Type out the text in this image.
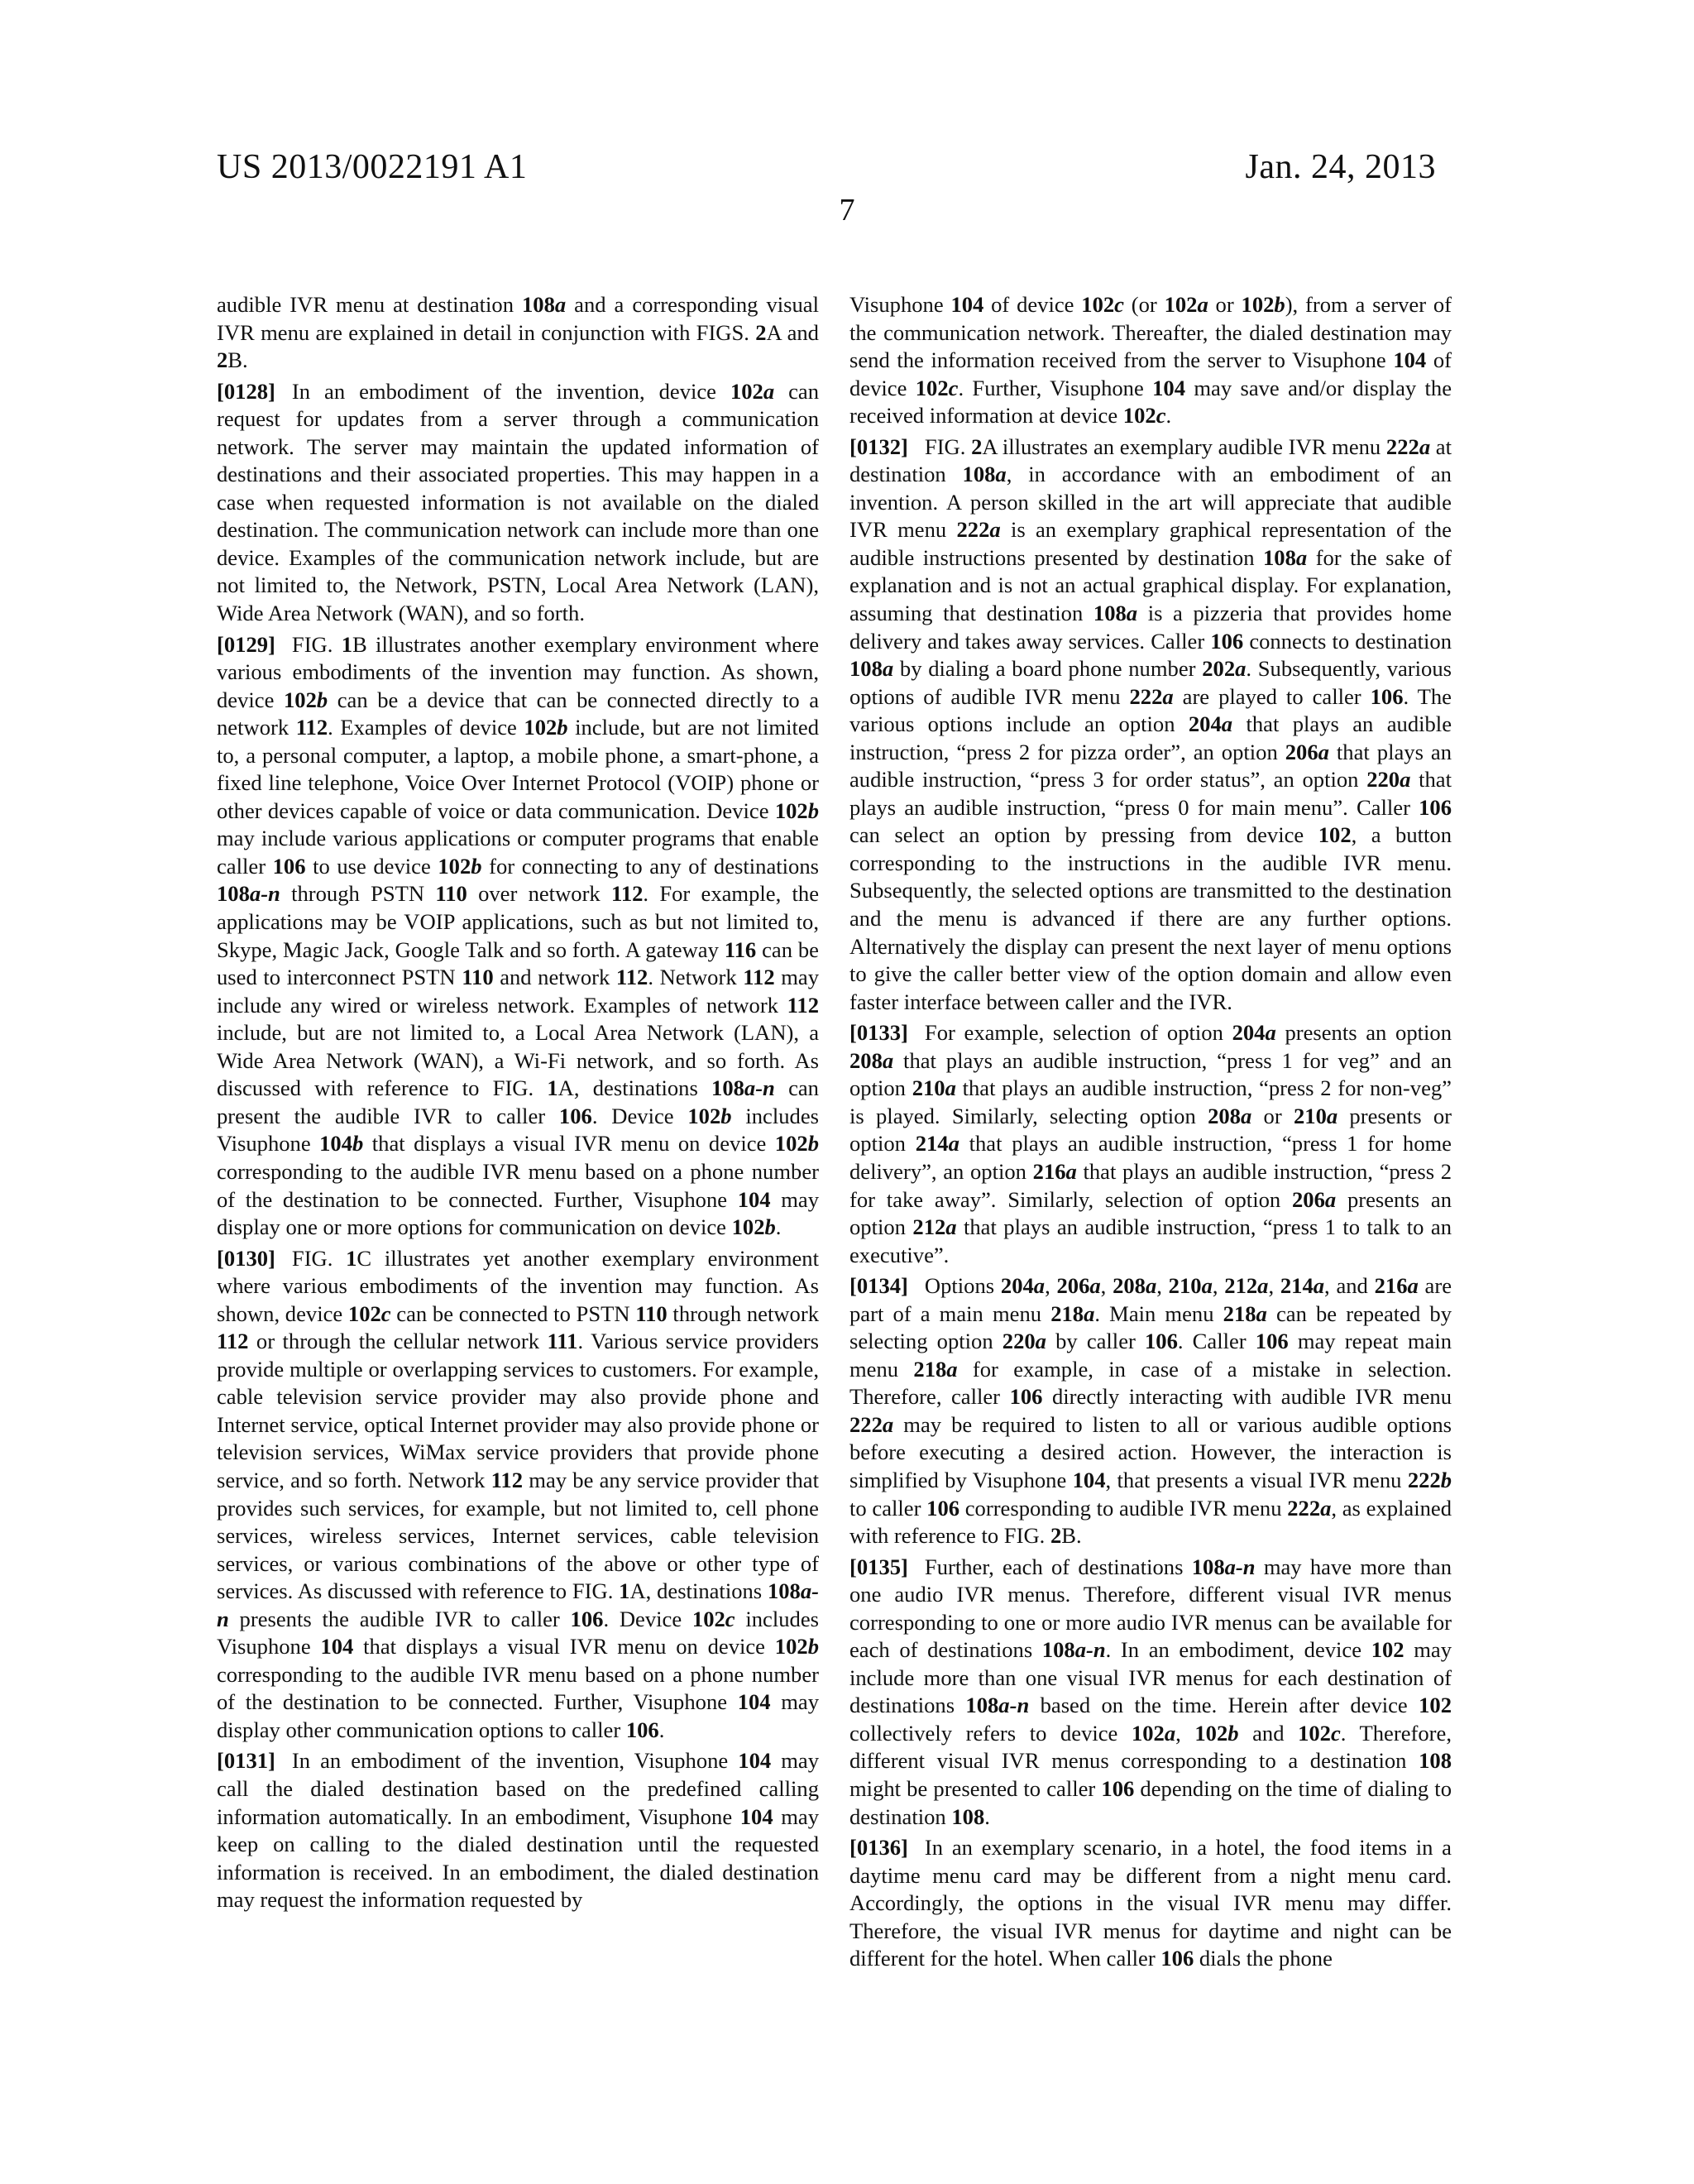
US 2013/0022191 A1	Jan. 24, 2013
7

audible IVR menu at destination 108a and a corresponding visual IVR menu are explained in detail in conjunction with FIGS. 2A and 2B.

[0128] In an embodiment of the invention, device 102a can request for updates from a server through a communication network. The server may maintain the updated information of destinations and their associated properties. This may happen in a case when requested information is not available on the dialed destination. The communication network can include more than one device. Examples of the communication network include, but are not limited to, the Network, PSTN, Local Area Network (LAN), Wide Area Network (WAN), and so forth.

[0129] FIG. 1B illustrates another exemplary environment where various embodiments of the invention may function. As shown, device 102b can be a device that can be connected directly to a network 112. Examples of device 102b include, but are not limited to, a personal computer, a laptop, a mobile phone, a smart-phone, a fixed line telephone, Voice Over Internet Protocol (VOIP) phone or other devices capable of voice or data communication. Device 102b may include various applications or computer programs that enable caller 106 to use device 102b for connecting to any of destinations 108a-n through PSTN 110 over network 112. For example, the applications may be VOIP applications, such as but not limited to, Skype, Magic Jack, Google Talk and so forth. A gateway 116 can be used to interconnect PSTN 110 and network 112. Network 112 may include any wired or wireless network. Examples of network 112 include, but are not limited to, a Local Area Network (LAN), a Wide Area Network (WAN), a Wi-Fi network, and so forth. As discussed with reference to FIG. 1A, destinations 108a-n can present the audible IVR to caller 106. Device 102b includes Visuphone 104b that displays a visual IVR menu on device 102b corresponding to the audible IVR menu based on a phone number of the destination to be connected. Further, Visuphone 104 may display one or more options for communication on device 102b.

[0130] FIG. 1C illustrates yet another exemplary environment where various embodiments of the invention may function. As shown, device 102c can be connected to PSTN 110 through network 112 or through the cellular network 111. Various service providers provide multiple or overlapping services to customers. For example, cable television service provider may also provide phone and Internet service, optical Internet provider may also provide phone or television services, WiMax service providers that provide phone service, and so forth. Network 112 may be any service provider that provides such services, for example, but not limited to, cell phone services, wireless services, Internet services, cable television services, or various combinations of the above or other type of services. As discussed with reference to FIG. 1A, destinations 108a-n presents the audible IVR to caller 106. Device 102c includes Visuphone 104 that displays a visual IVR menu on device 102b corresponding to the audible IVR menu based on a phone number of the destination to be connected. Further, Visuphone 104 may display other communication options to caller 106.

[0131] In an embodiment of the invention, Visuphone 104 may call the dialed destination based on the predefined calling information automatically. In an embodiment, Visuphone 104 may keep on calling to the dialed destination until the requested information is received. In an embodiment, the dialed destination may request the information requested by

Visuphone 104 of device 102c (or 102a or 102b), from a server of the communication network. Thereafter, the dialed destination may send the information received from the server to Visuphone 104 of device 102c. Further, Visuphone 104 may save and/or display the received information at device 102c.

[0132] FIG. 2A illustrates an exemplary audible IVR menu 222a at destination 108a, in accordance with an embodiment of an invention. A person skilled in the art will appreciate that audible IVR menu 222a is an exemplary graphical representation of the audible instructions presented by destination 108a for the sake of explanation and is not an actual graphical display. For explanation, assuming that destination 108a is a pizzeria that provides home delivery and takes away services. Caller 106 connects to destination 108a by dialing a board phone number 202a. Subsequently, various options of audible IVR menu 222a are played to caller 106. The various options include an option 204a that plays an audible instruction, “press 2 for pizza order”, an option 206a that plays an audible instruction, “press 3 for order status”, an option 220a that plays an audible instruction, “press 0 for main menu”. Caller 106 can select an option by pressing from device 102, a button corresponding to the instructions in the audible IVR menu. Subsequently, the selected options are transmitted to the destination and the menu is advanced if there are any further options. Alternatively the display can present the next layer of menu options to give the caller better view of the option domain and allow even faster interface between caller and the IVR.

[0133] For example, selection of option 204a presents an option 208a that plays an audible instruction, “press 1 for veg” and an option 210a that plays an audible instruction, “press 2 for non-veg” is played. Similarly, selecting option 208a or 210a presents or option 214a that plays an audible instruction, “press 1 for home delivery”, an option 216a that plays an audible instruction, “press 2 for take away”. Similarly, selection of option 206a presents an option 212a that plays an audible instruction, “press 1 to talk to an executive”.

[0134] Options 204a, 206a, 208a, 210a, 212a, 214a, and 216a are part of a main menu 218a. Main menu 218a can be repeated by selecting option 220a by caller 106. Caller 106 may repeat main menu 218a for example, in case of a mistake in selection. Therefore, caller 106 directly interacting with audible IVR menu 222a may be required to listen to all or various audible options before executing a desired action. However, the interaction is simplified by Visuphone 104, that presents a visual IVR menu 222b to caller 106 corresponding to audible IVR menu 222a, as explained with reference to FIG. 2B.

[0135] Further, each of destinations 108a-n may have more than one audio IVR menus. Therefore, different visual IVR menus corresponding to one or more audio IVR menus can be available for each of destinations 108a-n. In an embodiment, device 102 may include more than one visual IVR menus for each destination of destinations 108a-n based on the time. Herein after device 102 collectively refers to device 102a, 102b and 102c. Therefore, different visual IVR menus corresponding to a destination 108 might be presented to caller 106 depending on the time of dialing to destination 108.

[0136] In an exemplary scenario, in a hotel, the food items in a daytime menu card may be different from a night menu card. Accordingly, the options in the visual IVR menu may differ. Therefore, the visual IVR menus for daytime and night can be different for the hotel. When caller 106 dials the phone
